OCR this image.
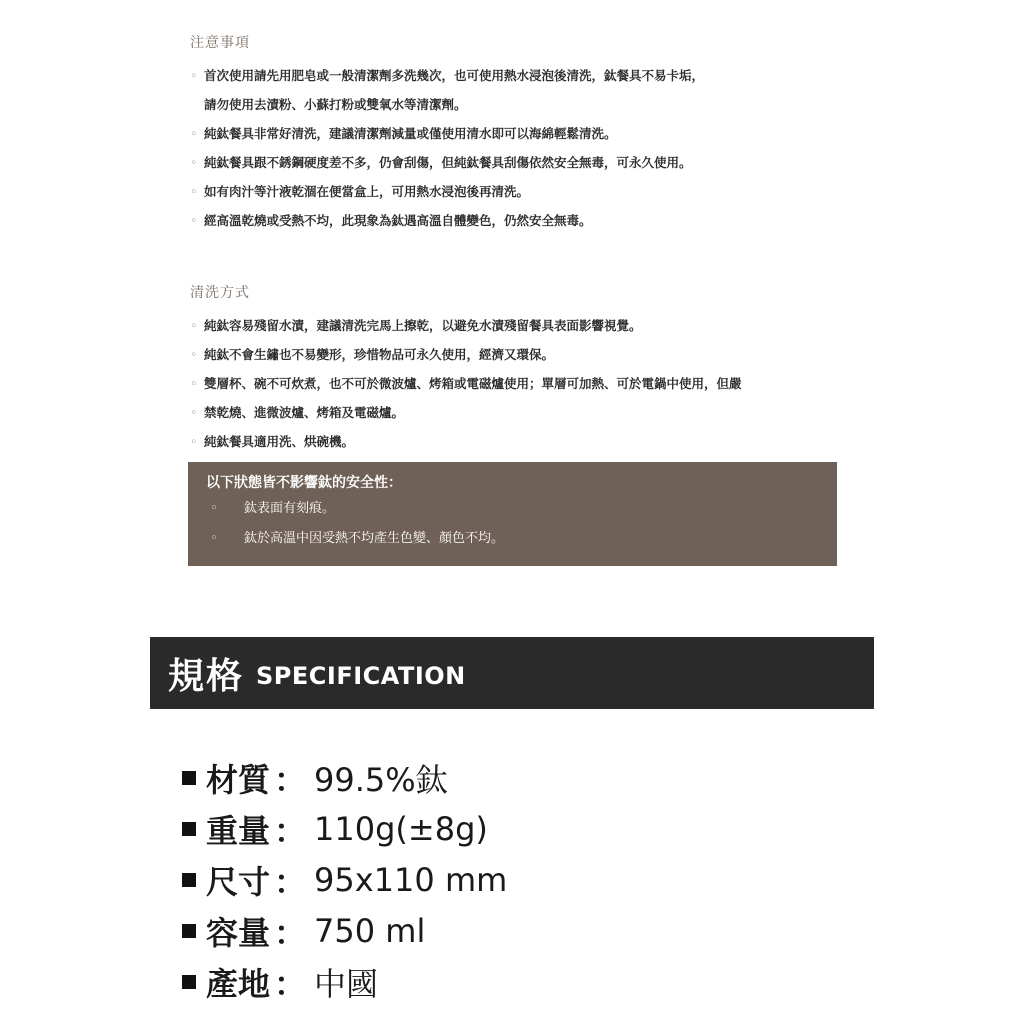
注意事項
◦ 首次使用請先用肥皂或一般清潔劑多洗幾次，也可使用熱水浸泡後清洗，鈦餐具不易卡垢，
請勿使用去漬粉、小蘇打粉或雙氧水等清潔劑。
◦ 純鈦餐具非常好清洗，建議清潔劑減量或僅使用清水即可以海綿輕鬆清洗。
◦ 純鈦餐具跟不銹鋼硬度差不多，仍會刮傷，但純鈦餐具刮傷依然安全無毒，可永久使用。
◦ 如有肉汁等汁液乾涸在便當盒上，可用熱水浸泡後再清洗。
◦ 經高溫乾燒或受熱不均，此現象為鈦遇高溫自體變色，仍然安全無毒。
清洗方式
◦ 純鈦容易殘留水漬，建議清洗完馬上擦乾，以避免水漬殘留餐具表面影響視覺。
◦ 純鈦不會生鏽也不易變形，珍惜物品可永久使用，經濟又環保。
◦ 雙層杯、碗不可炊煮，也不可於微波爐、烤箱或電磁爐使用；單層可加熱、可於電鍋中使用，但嚴
◦ 禁乾燒、進微波爐、烤箱及電磁爐。
◦ 純鈦餐具適用洗、烘碗機。
以下狀態皆不影響鈦的安全性：
◦ 鈦表面有刻痕。
◦ 鈦於高溫中因受熱不均產生色變、顏色不均。
規格 SPECIFICATION
材質 ： 99.5%鈦
重量 ： 110g(±8g)
尺寸 ： 95x110 mm
容量 ： 750 ml
產地 ： 中國
